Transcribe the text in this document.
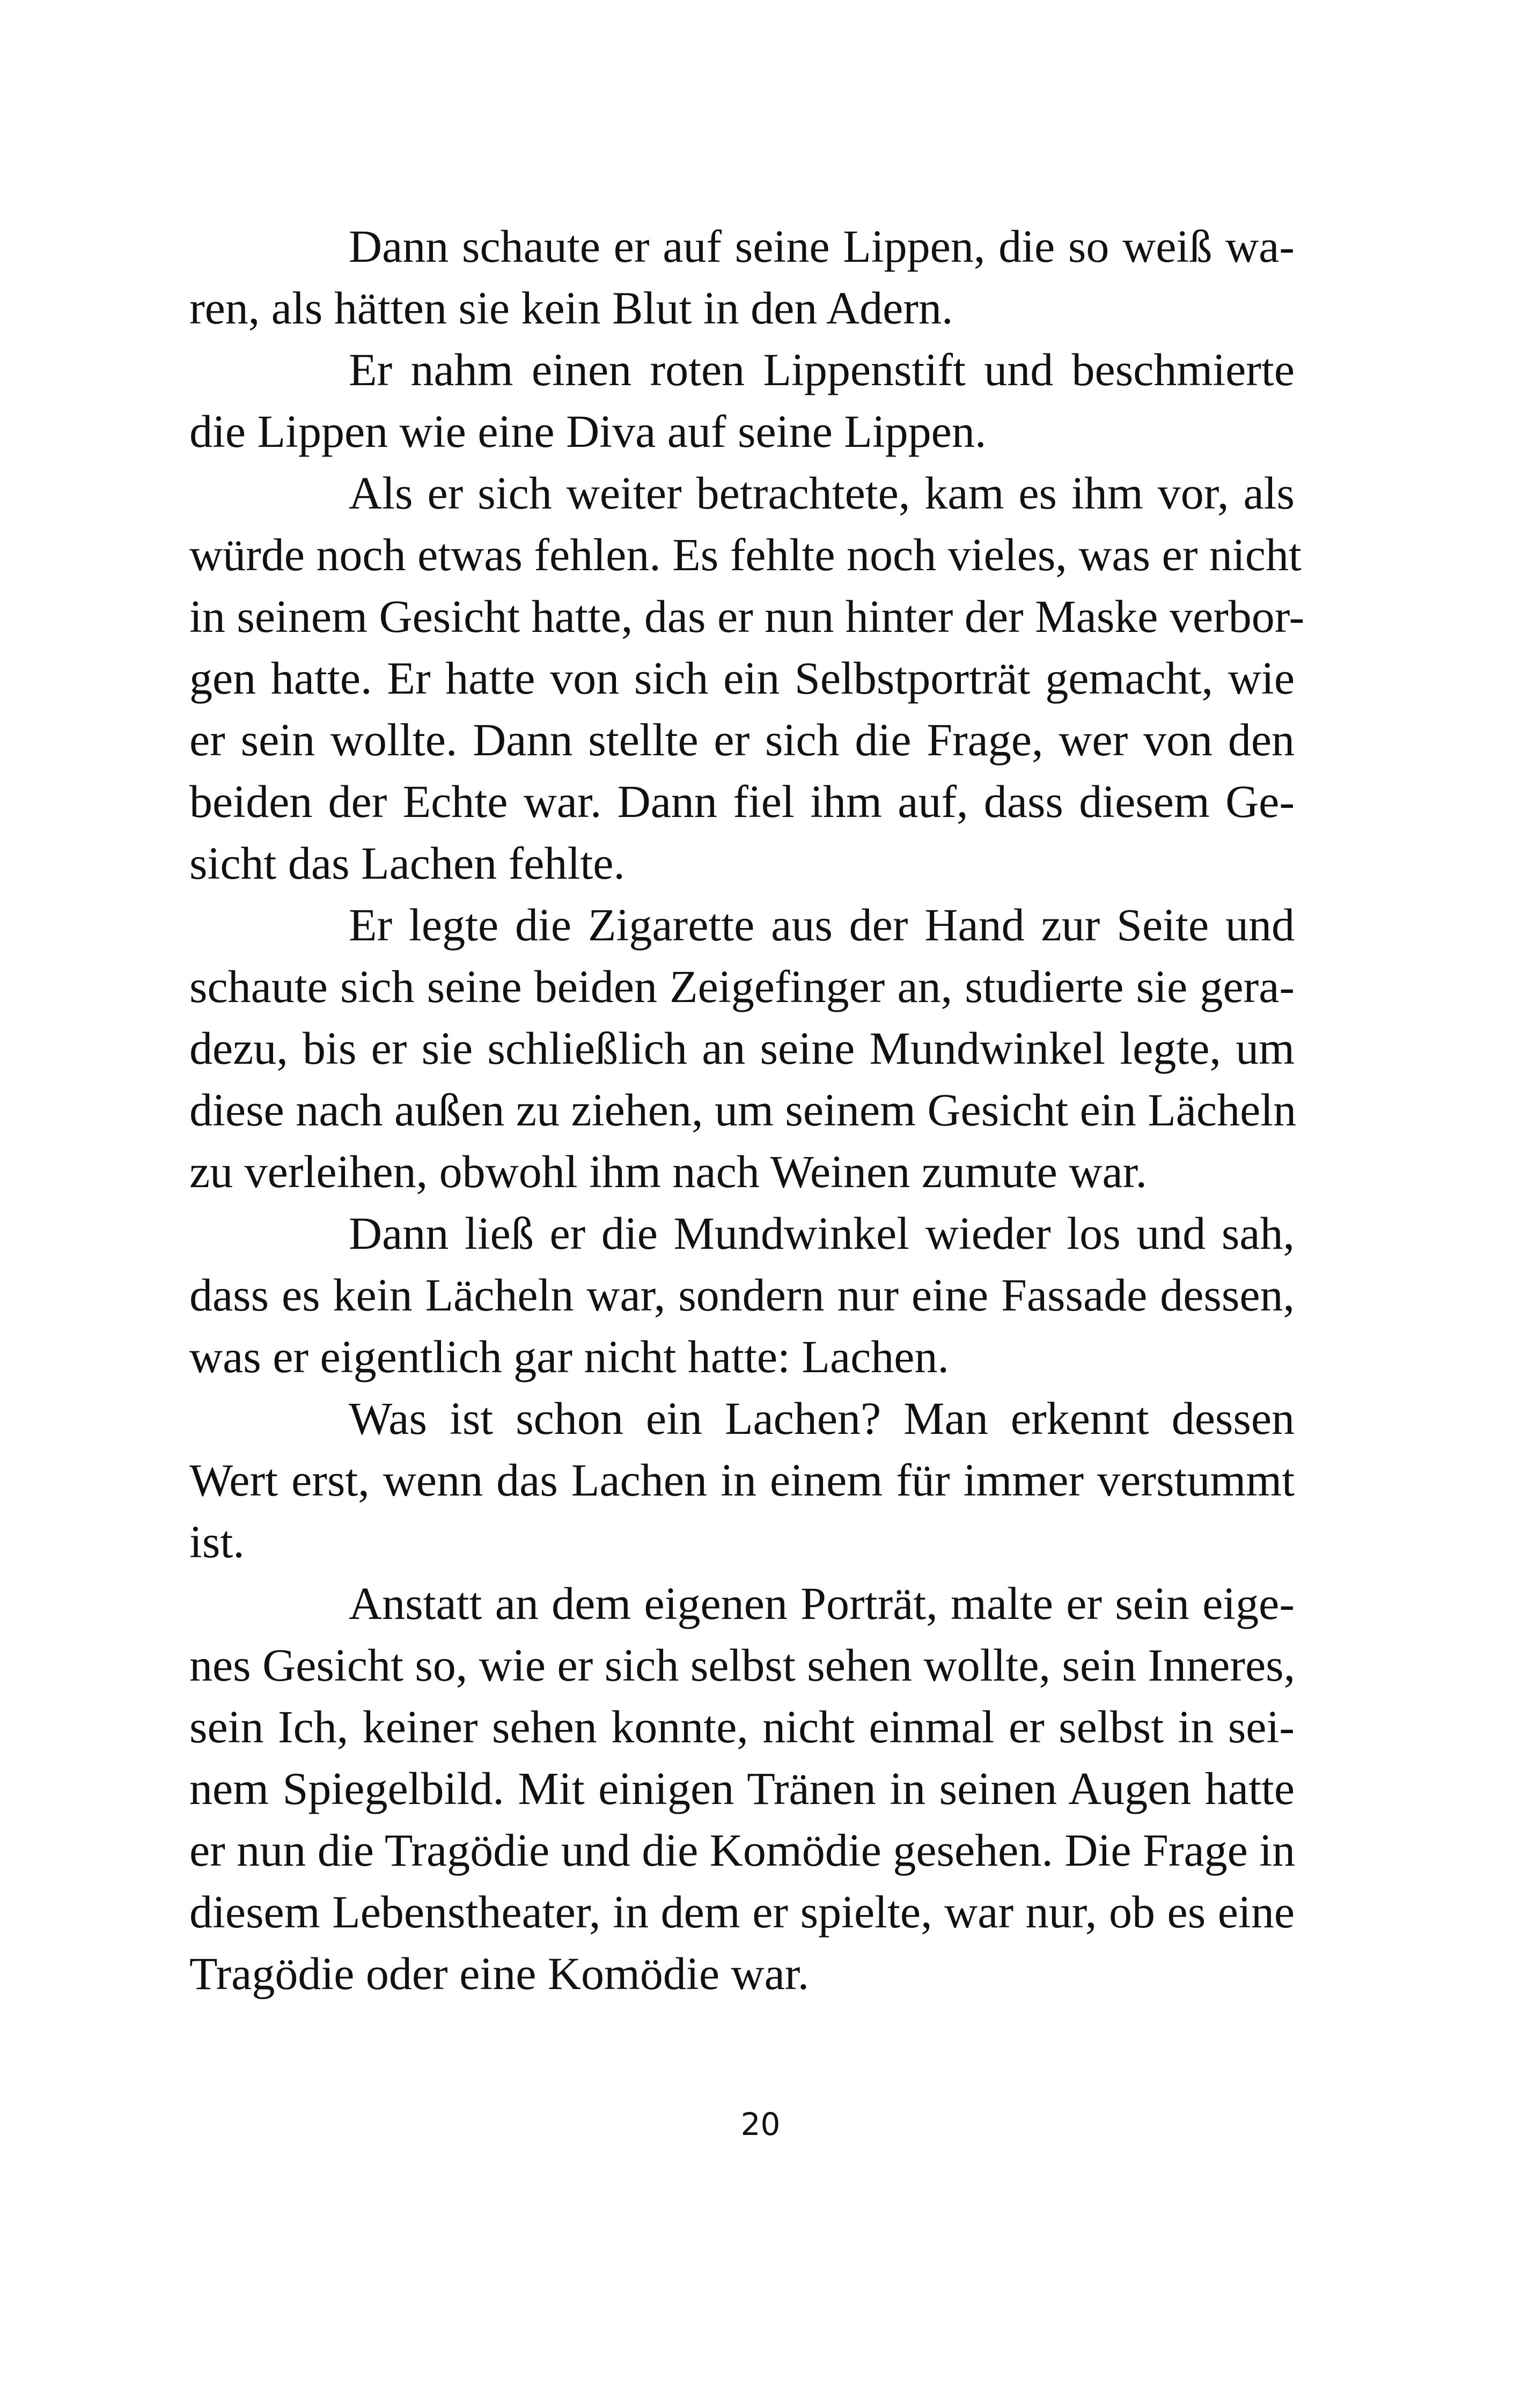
Dann schaute er auf seine Lippen, die so weiß wa-
ren, als hätten sie kein Blut in den Adern.
Er nahm einen roten Lippenstift und beschmierte
die Lippen wie eine Diva auf seine Lippen.
Als er sich weiter betrachtete, kam es ihm vor, als
würde noch etwas fehlen. Es fehlte noch vieles, was er nicht
in seinem Gesicht hatte, das er nun hinter der Maske verbor-
gen hatte. Er hatte von sich ein Selbstporträt gemacht, wie
er sein wollte. Dann stellte er sich die Frage, wer von den
beiden der Echte war. Dann fiel ihm auf, dass diesem Ge-
sicht das Lachen fehlte.
Er legte die Zigarette aus der Hand zur Seite und
schaute sich seine beiden Zeigefinger an, studierte sie gera-
dezu, bis er sie schließlich an seine Mundwinkel legte, um
diese nach außen zu ziehen, um seinem Gesicht ein Lächeln
zu verleihen, obwohl ihm nach Weinen zumute war.
Dann ließ er die Mundwinkel wieder los und sah,
dass es kein Lächeln war, sondern nur eine Fassade dessen,
was er eigentlich gar nicht hatte: Lachen.
Was ist schon ein Lachen? Man erkennt dessen
Wert erst, wenn das Lachen in einem für immer verstummt
ist.
Anstatt an dem eigenen Porträt, malte er sein eige-
nes Gesicht so, wie er sich selbst sehen wollte, sein Inneres,
sein Ich, keiner sehen konnte, nicht einmal er selbst in sei-
nem Spiegelbild. Mit einigen Tränen in seinen Augen hatte
er nun die Tragödie und die Komödie gesehen. Die Frage in
diesem Lebenstheater, in dem er spielte, war nur, ob es eine
Tragödie oder eine Komödie war.
20
